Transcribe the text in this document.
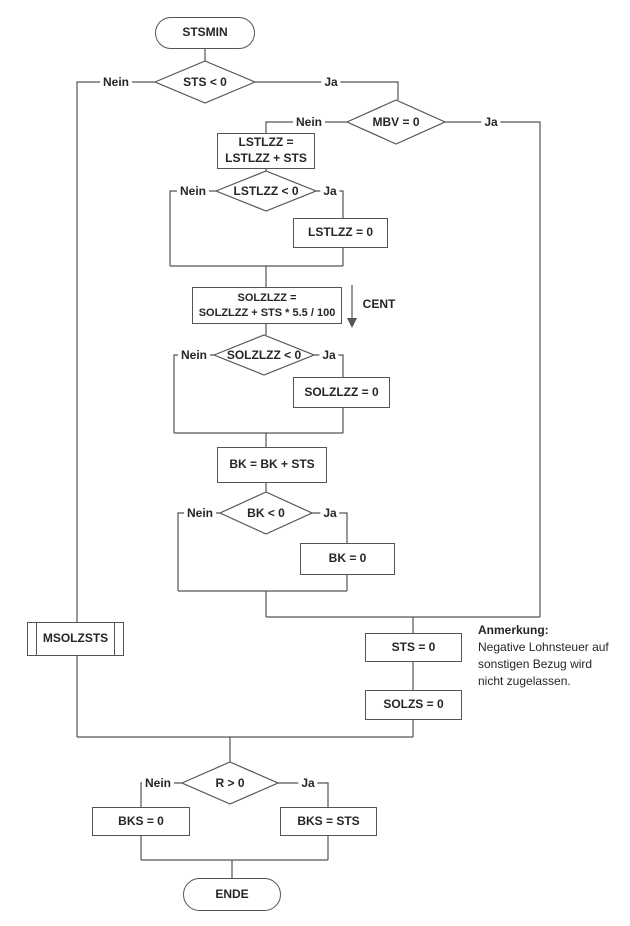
STSMIN
ENDE
LSTLZZ =
LSTLZZ + STS
LSTLZZ = 0
SOLZLZZ =
SOLZLZZ + STS * 5.5 / 100
SOLZLZZ = 0
BK = BK + STS
BK = 0
MSOLZSTS
STS = 0
SOLZS = 0
BKS = 0	BKS = STS
STS < 0
MBV = 0
LSTLZZ < 0
SOLZLZZ < 0
BK < 0
R > 0
Nein	Ja
Nein	Ja
Nein	Ja
Nein	Ja
Nein	Ja
Nein	Ja
CENT
Anmerkung:
Negative Lohnsteuer auf
sonstigen Bezug wird
nicht zugelassen.
